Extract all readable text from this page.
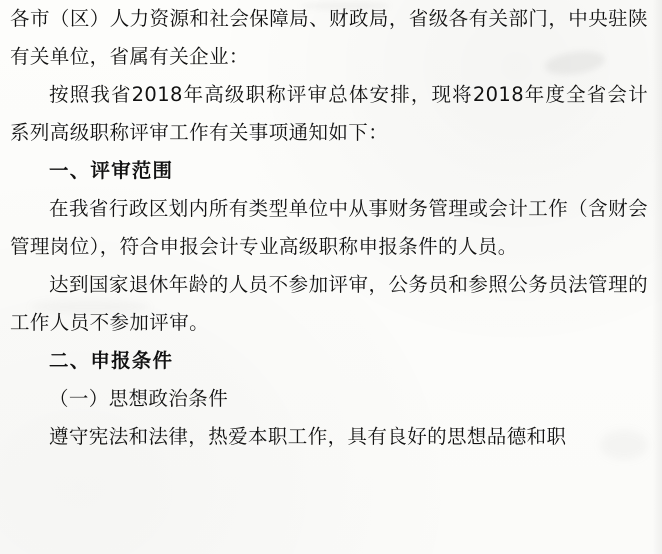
各市（区）人力资源和社会保障局、财政局，省级各有关部门，中央驻陕有关单位，省属有关企业：

按照我省2018年高级职称评审总体安排，现将2018年度全省会计系列高级职称评审工作有关事项通知如下：

一、评审范围

在我省行政区划内所有类型单位中从事财务管理或会计工作（含财会管理岗位），符合申报会计专业高级职称申报条件的人员。

达到国家退休年龄的人员不参加评审，公务员和参照公务员法管理的工作人员不参加评审。

二、申报条件

（一）思想政治条件

遵守宪法和法律，热爱本职工作，具有良好的思想品德和职
